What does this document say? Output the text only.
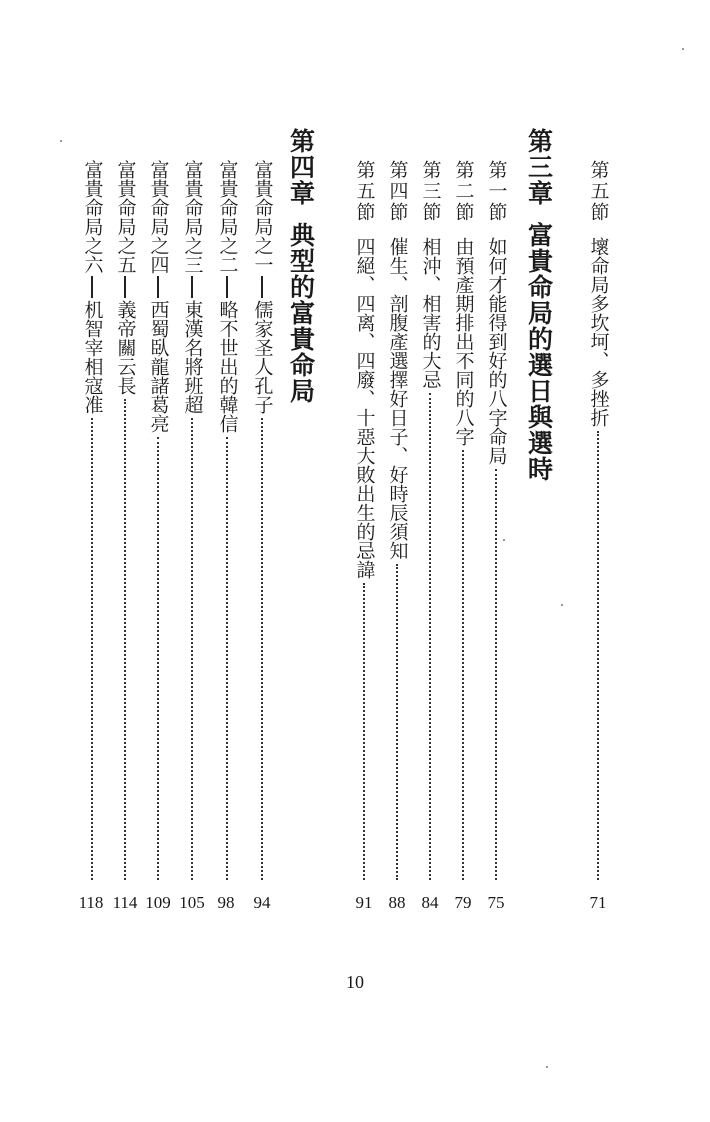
第五節
壞命局多坎坷、多挫折
71
第三章
富貴命局的選日與選時
第一節
如何才能得到好的八字命局
75
第二節
由預產期排出不同的八字
79
第三節
相沖、相害的大忌
84
第四節
催生、剖腹產選擇好日子、好時辰須知
88
第五節
四絕、四离、四廢、十惡大敗出生的忌諱
91
第四章
典型的富貴命局
富貴命局之一
儒家圣人孔子
94
富貴命局之二
略不世出的韓信
98
富貴命局之三
東漢名將班超
105
富貴命局之四
西蜀臥龍諸葛亮
109
富貴命局之五
義帝關云長
114
富貴命局之六
机智宰相寇准
118
10
